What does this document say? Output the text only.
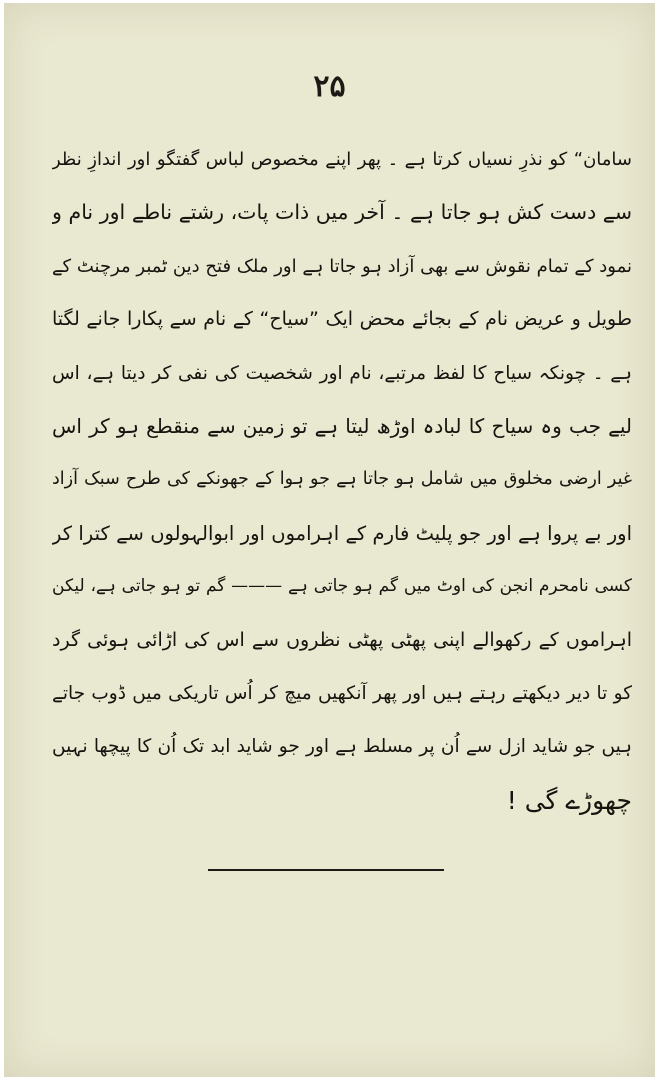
۲۵
سامان“ کو نذرِ نسیاں کرتا ہے ۔ پھر اپنے مخصوص لباس گفتگو اور اندازِ نظر
سے دست کش ہو جاتا ہے ۔ آخر میں ذات پات، رشتے ناطے اور نام و
نمود کے تمام نقوش سے بھی آزاد ہو جاتا ہے اور ملک فتح دین ٹمبر مرچنٹ کے
طویل و عریض نام کے بجائے محض ایک ”سیاح“ کے نام سے پکارا جانے لگتا
ہے ۔ چونکہ سیاح کا لفظ مرتبے، نام اور شخصیت کی نفی کر دیتا ہے، اس
لیے جب وہ سیاح کا لبادہ اوڑھ لیتا ہے تو زمین سے منقطع ہو کر اس
غیر ارضی مخلوق میں شامل ہو جاتا ہے جو ہوا کے جھونکے کی طرح سبک آزاد
اور بے پروا ہے اور جو پلیٹ فارم کے اہراموں اور ابوالہولوں سے کترا کر
کسی نامحرم انجن کی اوٹ میں گم ہو جاتی ہے ——— گم تو ہو جاتی ہے، لیکن
اہراموں کے رکھوالے اپنی پھٹی پھٹی نظروں سے اس کی اڑائی ہوئی گرد
کو تا دیر دیکھتے رہتے ہیں اور پھر آنکھیں میچ کر اُس تاریکی میں ڈوب جاتے
ہیں جو شاید ازل سے اُن پر مسلط ہے اور جو شاید ابد تک اُن کا پیچھا نہیں
چھوڑے گی !
